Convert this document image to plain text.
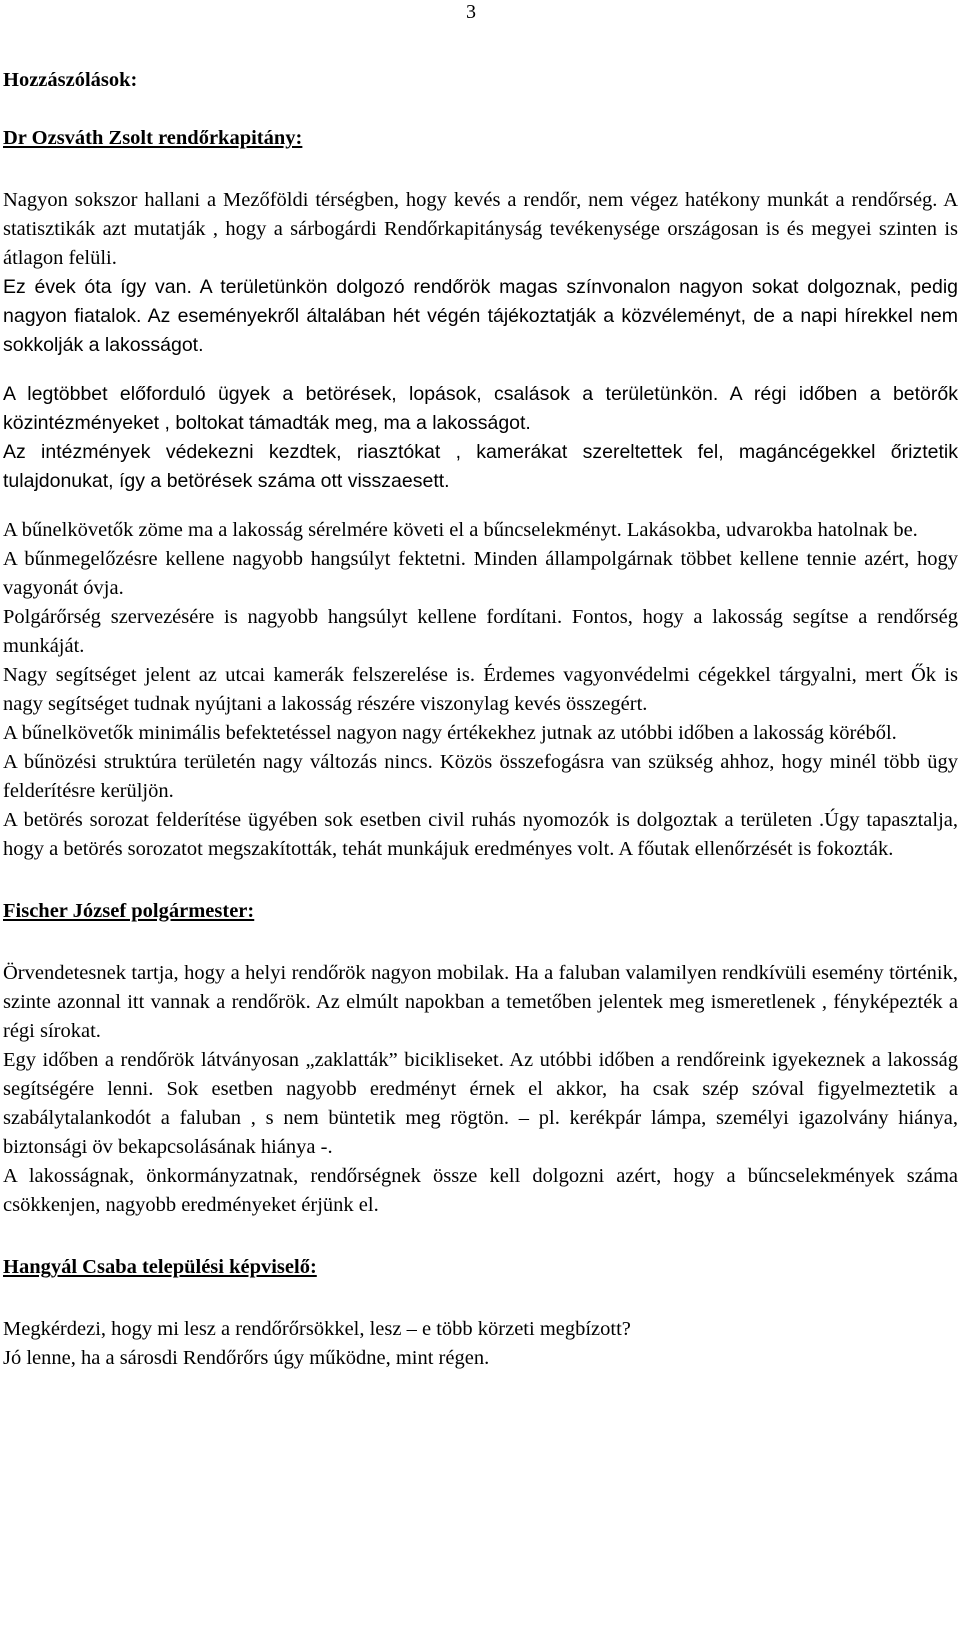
3

Hozzászólások:

Dr Ozsváth Zsolt rendőrkapitány:

Nagyon sokszor hallani a Mezőföldi térségben, hogy kevés a rendőr, nem végez hatékony munkát a rendőrség. A statisztikák azt mutatják , hogy a sárbogárdi Rendőrkapitányság tevékenysége országosan is és megyei szinten is átlagon felüli.

Ez évek óta így van. A területünkön dolgozó rendőrök magas színvonalon nagyon sokat dolgoznak, pedig nagyon fiatalok. Az eseményekről általában hét végén tájékoztatják a közvéleményt, de a napi hírekkel nem sokkolják a lakosságot.

A legtöbbet előforduló ügyek a betörések, lopások, csalások a területünkön. A régi időben a betörők közintézményeket , boltokat támadták meg, ma a lakosságot.

Az intézmények védekezni kezdtek, riasztókat , kamerákat szereltettek fel, magáncégekkel őriztetik tulajdonukat, így a betörések száma ott visszaesett.

A bűnelkövetők zöme ma a lakosság sérelmére követi el a bűncselekményt. Lakásokba, udvarokba hatolnak be.

A bűnmegelőzésre kellene nagyobb hangsúlyt fektetni. Minden állampolgárnak többet kellene tennie azért, hogy vagyonát óvja.

Polgárőrség szervezésére is nagyobb hangsúlyt kellene fordítani. Fontos, hogy a lakosság segítse a rendőrség munkáját.

Nagy segítséget jelent az utcai kamerák felszerelése is. Érdemes vagyonvédelmi cégekkel tárgyalni, mert Ők is nagy segítséget tudnak nyújtani a lakosság részére viszonylag kevés összegért.

A bűnelkövetők minimális befektetéssel nagyon nagy értékekhez jutnak az utóbbi időben a lakosság köréből.

A bűnözési struktúra területén nagy változás nincs. Közös összefogásra van szükség ahhoz, hogy minél több ügy felderítésre kerüljön.

A betörés sorozat felderítése ügyében sok esetben civil ruhás nyomozók is dolgoztak a területen .Úgy tapasztalja, hogy a betörés sorozatot megszakították, tehát munkájuk eredményes volt. A főutak ellenőrzését is fokozták.

Fischer József polgármester:

Örvendetesnek tartja, hogy a helyi rendőrök nagyon mobilak. Ha a faluban valamilyen rendkívüli esemény történik, szinte azonnal itt vannak a rendőrök. Az elmúlt napokban a temetőben jelentek meg ismeretlenek , fényképezték a régi sírokat.

Egy időben a rendőrök látványosan „zaklatták” bicikliseket. Az utóbbi időben a rendőreink igyekeznek a lakosság segítségére lenni. Sok esetben nagyobb eredményt érnek el akkor, ha csak szép szóval figyelmeztetik a szabálytalankodót a faluban , s nem büntetik meg rögtön. – pl. kerékpár lámpa, személyi igazolvány hiánya, biztonsági öv bekapcsolásának hiánya -.

A lakosságnak, önkormányzatnak, rendőrségnek össze kell dolgozni azért, hogy a bűncselekmények száma csökkenjen, nagyobb eredményeket érjünk el.

Hangyál Csaba települési képviselő:

Megkérdezi, hogy mi lesz a rendőrőrsökkel, lesz – e több körzeti megbízott?

Jó lenne, ha a sárosdi Rendőrőrs úgy működne, mint régen.
